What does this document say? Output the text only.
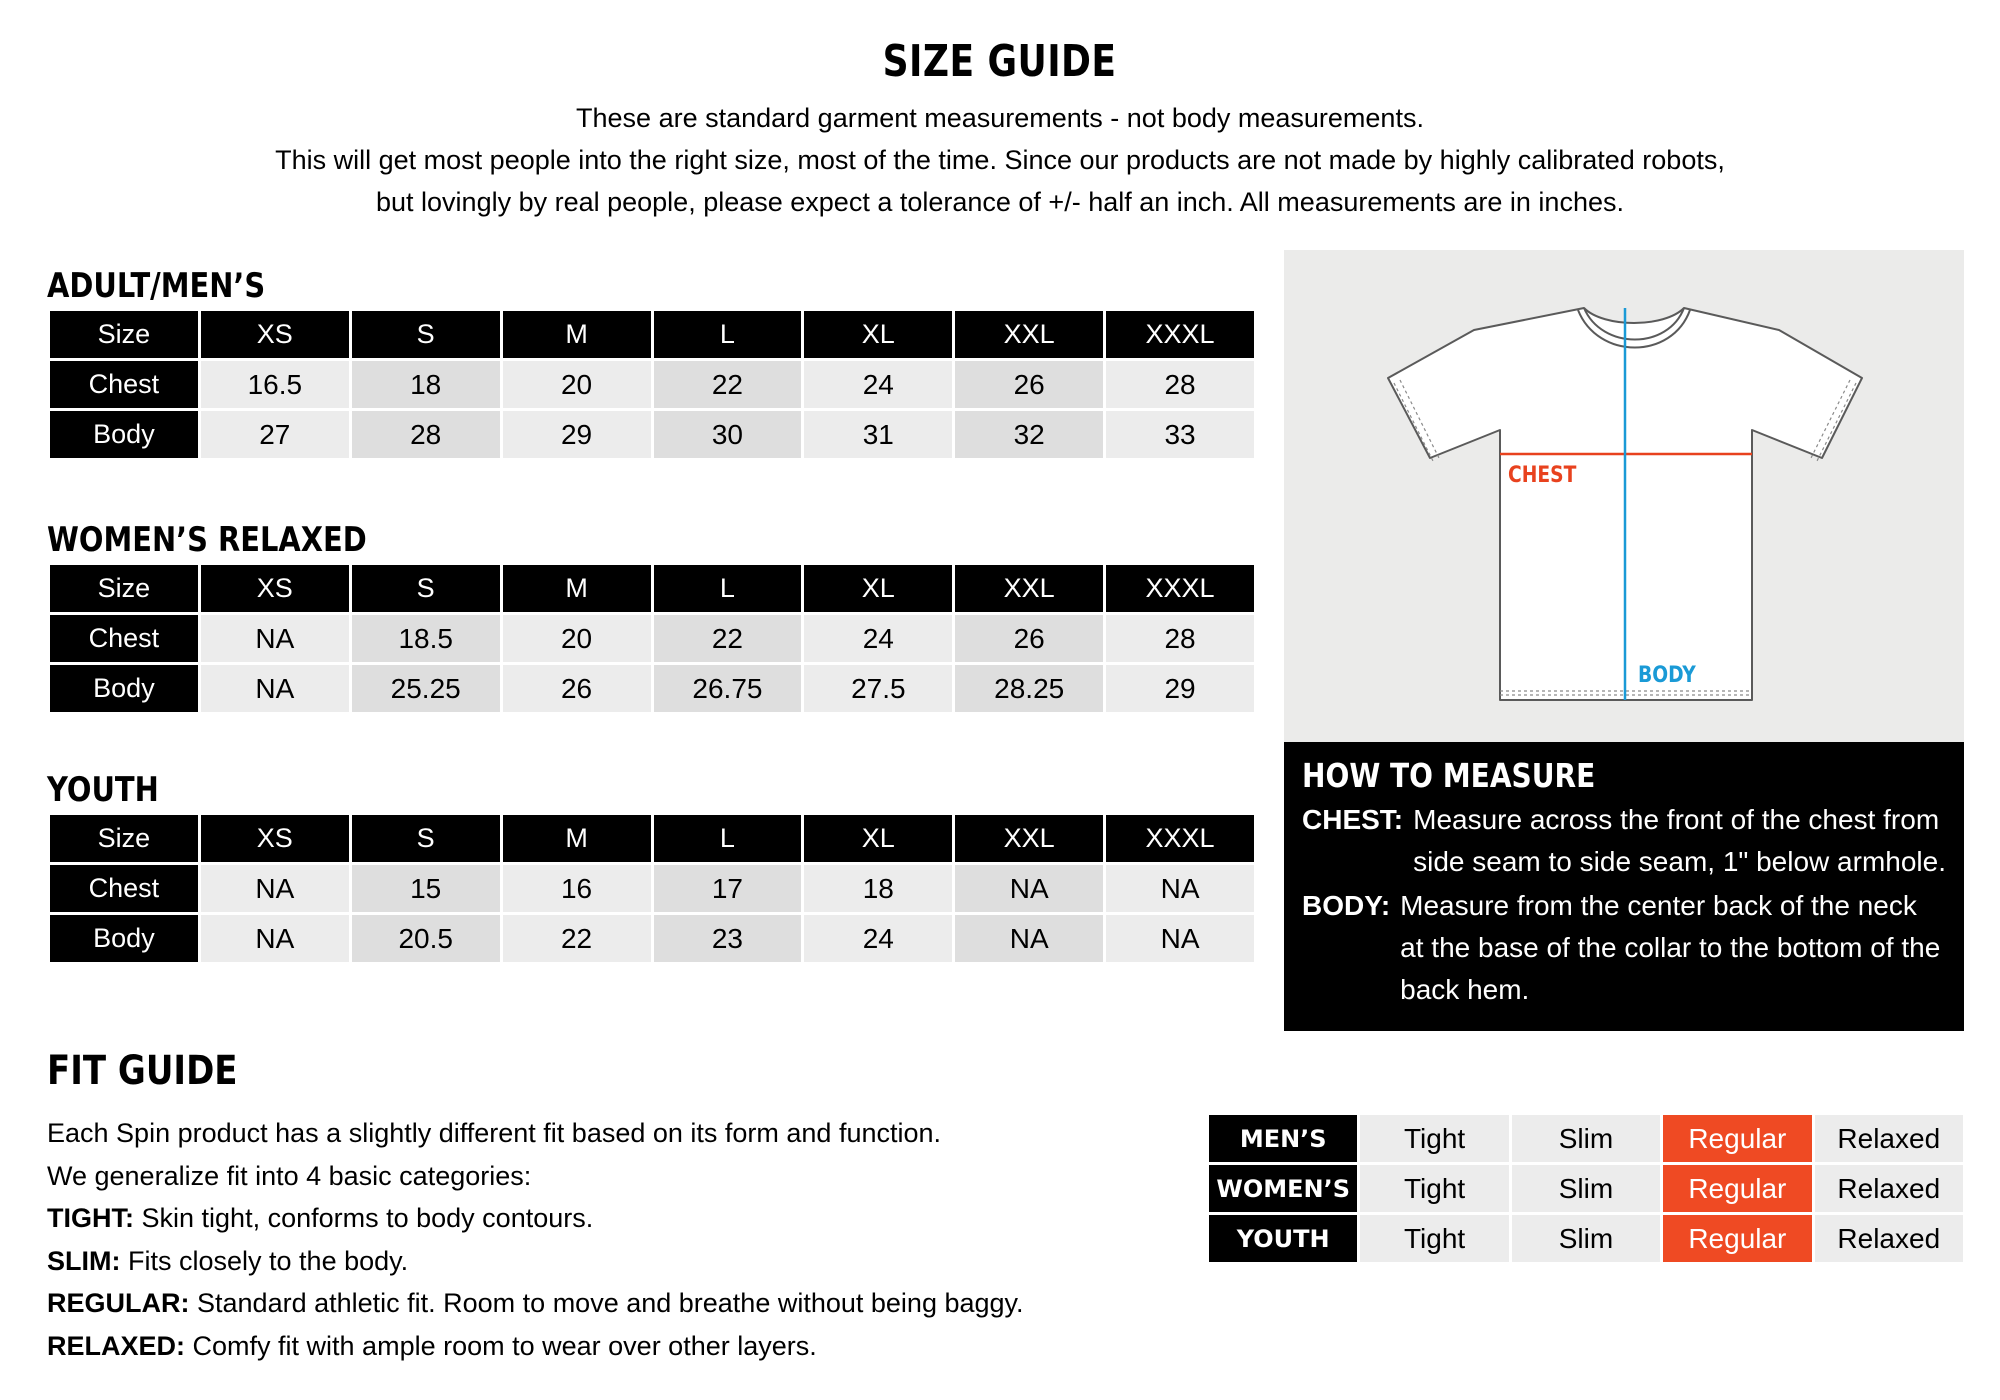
SIZE GUIDE
These are standard garment measurements - not body measurements.
This will get most people into the right size, most of the time. Since our products are not made by highly calibrated robots,
but lovingly by real people, please expect a tolerance of +/- half an inch. All measurements are in inches.
ADULT/MEN’S
Size	XS	S	M	L	XL	XXL	XXXL
Chest	16.5	18	20	22	24	26	28
Body	27	28	29	30	31	32	33
WOMEN’S RELAXED
Size	XS	S	M	L	XL	XXL	XXXL
Chest	NA	18.5	20	22	24	26	28
Body	NA	25.25	26	26.75	27.5	28.25	29
YOUTH
Size	XS	S	M	L	XL	XXL	XXXL
Chest	NA	15	16	17	18	NA	NA
Body	NA	20.5	22	23	24	NA	NA
CHEST
BODY
HOW TO MEASURE
CHEST: Measure across the front of the chest from side seam to side seam, 1" below armhole.
BODY: Measure from the center back of the neck at the base of the collar to the bottom of the back hem.
FIT GUIDE
Each Spin product has a slightly different fit based on its form and function.
We generalize fit into 4 basic categories:
TIGHT: Skin tight, conforms to body contours.
SLIM: Fits closely to the body.
REGULAR: Standard athletic fit. Room to move and breathe without being baggy.
RELAXED: Comfy fit with ample room to wear over other layers.
MEN’S	Tight	Slim	Regular	Relaxed
WOMEN’S	Tight	Slim	Regular	Relaxed
YOUTH	Tight	Slim	Regular	Relaxed
